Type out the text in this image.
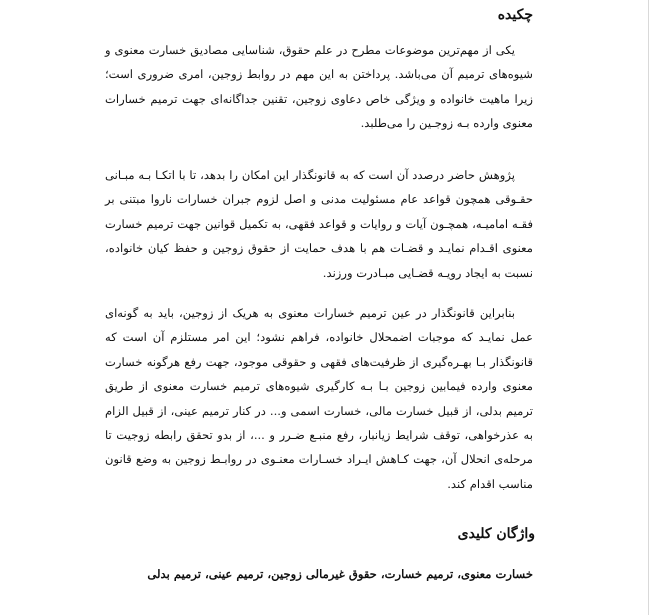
چکیده

یکی از مهم‌ترین موضوعات مطرح در علم حقوق، شناسایی مصادیق خسارت معنوی و شیوه‌های ترمیم آن می‌باشد. پرداختن به این مهم در روابط زوجین، امری ضروری است؛ زیرا ماهیت خانواده و ویژگی خاص دعاوی زوجین، تقنین جداگانه‌ای جهت ترمیم خسارات معنوی وارده بـه زوجـین را می‌طلبد.

پژوهش حاضر درصدد آن است که به قانونگذار این امکان را بدهد، تا با اتکـا بـه مبـانی حقـوقی همچون قواعد عام مسئولیت مدنی و اصل لزوم جبران خسارات ناروا مبتنی بر فقـه امامیـه، همچـون آیات و روایات و قواعد فقهی، به تکمیل قوانین جهت ترمیم خسارت معنوی اقـدام نمایـد و قضـات هم با هدف حمایت از حقوق زوجین و حفظ کیان خانواده، نسبت به ایجاد رویـه قضـایی مبـادرت ورزند.

بنابراین قانونگذار در عین ترمیم خسارات معنوی به هریک از زوجین، باید به گونه‌ای عمل نمایـد که موجبات اضمحلال خانواده، فراهم نشود؛ این امر مستلزم آن است که قانونگذار بـا بهـره‌گیری از ظرفیت‌های فقهی و حقوقی موجود، جهت رفع هرگونه خسارت معنوی وارده فیمابین زوجین بـا بـه کارگیری شیوه‌های ترمیم خسارت معنوی از طریق ترمیم بدلی، از قبیل خسارت مالی، خسارت اسمی و... در کنار ترمیم عینی، از قبیل الزام به عذرخواهی، توقف شرایط زیانبار، رفع منبـع ضـرر و ...، از بدو تحقق رابطه زوجیت تا مرحله‌ی انحلال آن، جهت کـاهش ایـراد خسـارات معنـوی در روابـط زوجین به وضع قانون مناسب اقدام کند.

واژگان کلیدی

خسارت معنوی، ترمیم خسارت، حقوق غیرمالی زوجین، ترمیم عینی، ترمیم بدلی
